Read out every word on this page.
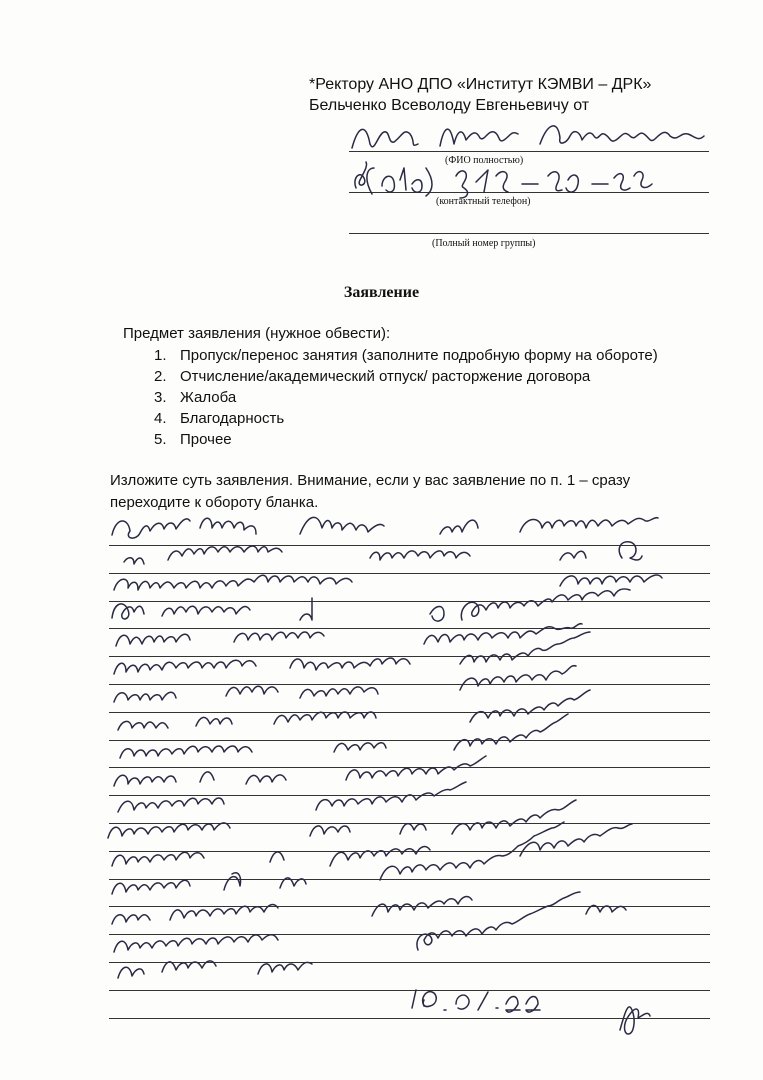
*Ректору АНО ДПО «Институт КЭМВИ – ДРК»
Бельченко Всеволоду Евгеньевичу от
(ФИО полностью)
(контактный телефон)
(Полный номер группы)
Заявление
Предмет заявления (нужное обвести):
1. Пропуск/перенос занятия (заполните подробную форму на обороте)
2. Отчисление/академический отпуск/ расторжение договора
3. Жалоба
4. Благодарность
5. Прочее
Изложите суть заявления. Внимание, если у вас заявление по п. 1 – сразу
переходите к обороту бланка.
